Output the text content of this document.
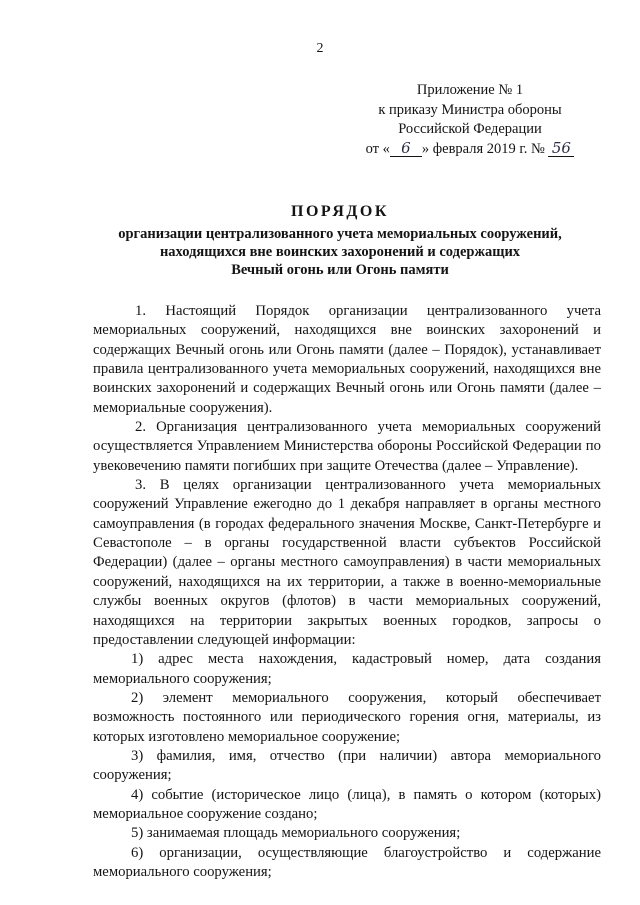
2
Приложение № 1
к приказу Министра обороны
Российской Федерации
от « 6 » февраля 2019 г. № 56
ПОРЯДОК
организации централизованного учета мемориальных сооружений,
находящихся вне воинских захоронений и содержащих
Вечный огонь или Огонь памяти

1. Настоящий Порядок организации централизованного учета мемориальных сооружений, находящихся вне воинских захоронений и содержащих Вечный огонь или Огонь памяти (далее – Порядок), устанавливает правила централизованного учета мемориальных сооружений, находящихся вне воинских захоронений и содержащих Вечный огонь или Огонь памяти (далее – мемориальные сооружения).

2. Организация централизованного учета мемориальных сооружений осуществляется Управлением Министерства обороны Российской Федерации по увековечению памяти погибших при защите Отечества (далее – Управление).

3. В целях организации централизованного учета мемориальных сооружений Управление ежегодно до 1 декабря направляет в органы местного самоуправления (в городах федерального значения Москве, Санкт-Петербурге и Севастополе – в органы государственной власти субъектов Российской Федерации) (далее – органы местного самоуправления) в части мемориальных сооружений, находящихся на их территории, а также в военно-мемориальные службы военных округов (флотов) в части мемориальных сооружений, находящихся на территории закрытых военных городков, запросы о предоставлении следующей информации:

1) адрес места нахождения, кадастровый номер, дата создания мемориального сооружения;

2) элемент мемориального сооружения, который обеспечивает возможность постоянного или периодического горения огня, материалы, из которых изготовлено мемориальное сооружение;

3) фамилия, имя, отчество (при наличии) автора мемориального сооружения;

4) событие (историческое лицо (лица), в память о котором (которых) мемориальное сооружение создано;

5) занимаемая площадь мемориального сооружения;

6) организации, осуществляющие благоустройство и содержание мемориального сооружения;
